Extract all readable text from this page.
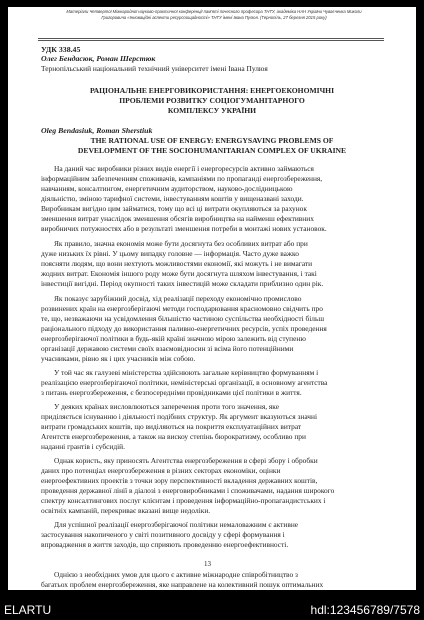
Матеріали Четвертої Міжнародної науково-практичної конференції пам'яті почесного професора ТНТУ, академіка НАН України Чуваєченка Миколи Григоровича «Інноваційні аспекти ресурсоощадності» ТНТУ імені Івана Пулюя. (Тернопіль, 27 березня 2015 року)
УДК 338.45
Олег Бендасюк, Роман Шерстюк
Тернопільський національний технічний університет імені Івана Пулюя
РАЦІОНАЛЬНЕ ЕНЕРГОВИКОРИСТАННЯ: ЕНЕРГОЕКОНОМІЧНІ
ПРОБЛЕМИ РОЗВИТКУ СОЦІОГУМАНІТАРНОГО
КОМПЛЕКСУ УКРАЇНИ
Oleg Bendasiuk, Roman Sherstiuk
THE RATIONAL USE OF ENERGY: ENERGYSAVING PROBLEMS OF
DEVELOPMENT OF THE SOCIOHUMANITARIAN COMPLEX OF UKRAINE
На даний час виробники різних видів енергії і енергоресурсів активно займаються
інформаційним забезпеченням споживачів, кампаніями по пропаганді енергозбереження,
навчанням, консалтингом, енергетичним аудиторством, науково-дослідницькою
діяльністю, зміною тарифної системи, інвестуванням коштів у вищеназвані заходи.
Виробникам вигідно цим займатися, тому що всі ці витрати окупляються за рахунок
зменшення витрат унаслідок зменшення обсягів виробництва на найменш ефективних
виробничих потужностях або в результаті зменшення потреби в монтажі нових установок.
Як правило, значна економія може бути досягнута без особливих витрат або при
дуже низьких їх рівні. У цьому випадку головне — інформація. Часто дуже важко
поясняти людям, що вони нехтують можливостями економії, які можуть і не вимагати
жодних витрат. Економія іншого роду може бути досягнута шляхом інвестування, і такі
інвестиції вигідні. Період окупності таких інвестицій може складати приблизно один рік.
Як показує зарубіжний досвід, хід реалізації переходу економічно промислово
розвинених країн на енергозберігаючі методи господарювання красномовно свідчить про
те, що, незважаючи на усвідомлення більшістю частиною суспільства необхідності більш
раціонального підходу до використання паливно-енергетичних ресурсів, успіх проведення
енергозберігаючої політики в будь-якій країні значною мірою залежить від ступеню
організації державою системи своїх взаємовідносин зі всіма його потенційними
учасниками, рівно як і цих учасників між собою.
У той час як галузеві міністерства здійснюють загальне керівництво формуванням і
реалізацією енергозберігаючої політики, неміністерські організації, в основному агентства
з питань енергозбереження, є безпосередніми провідниками цієї політики в життя.
У деяких країнах висловлюються заперечення проти того значення, яке
приділяється існуванню і діяльності подібних структур. Як аргумент вказуються значні
витрати громадських коштів, що виділяються на покриття експлуатаційних витрат
Агентств енергозбереження, а також на вискоу степінь бюрократизму, особливо при
наданні грантів і субсидій.
Однак користь, яку приносять Агентства енергозбереження в сфері збору і обробки
даних про потенціал енергозбереження в різних секторах економіки, оцінки
енергоефективних проектів з точки зору перспективності вкладення державних коштів,
проведення державної лінії в діалозі з енерговиробниками і споживачами, надання широкого
спектру консалтингових послуг клієнтам і проведення інформаційно-пропагандистських і
освітніх кампаній, перекриває вказані вище недоліки.
Для успішної реалізації енергозберігаючої політики немаловажним є активне
застосування накопиченого у світі позитивного досвіду у сфері формування і
впровадження в життя заходів, що сприяють проведенню енергоефективності.
Однією з необхідних умов для цього є активне міжнародне співробітництво з
багатьох проблем енергозбереження, яке направлене на колективний пошук оптимальних
13
ELARTU	hdl:123456789/7578
